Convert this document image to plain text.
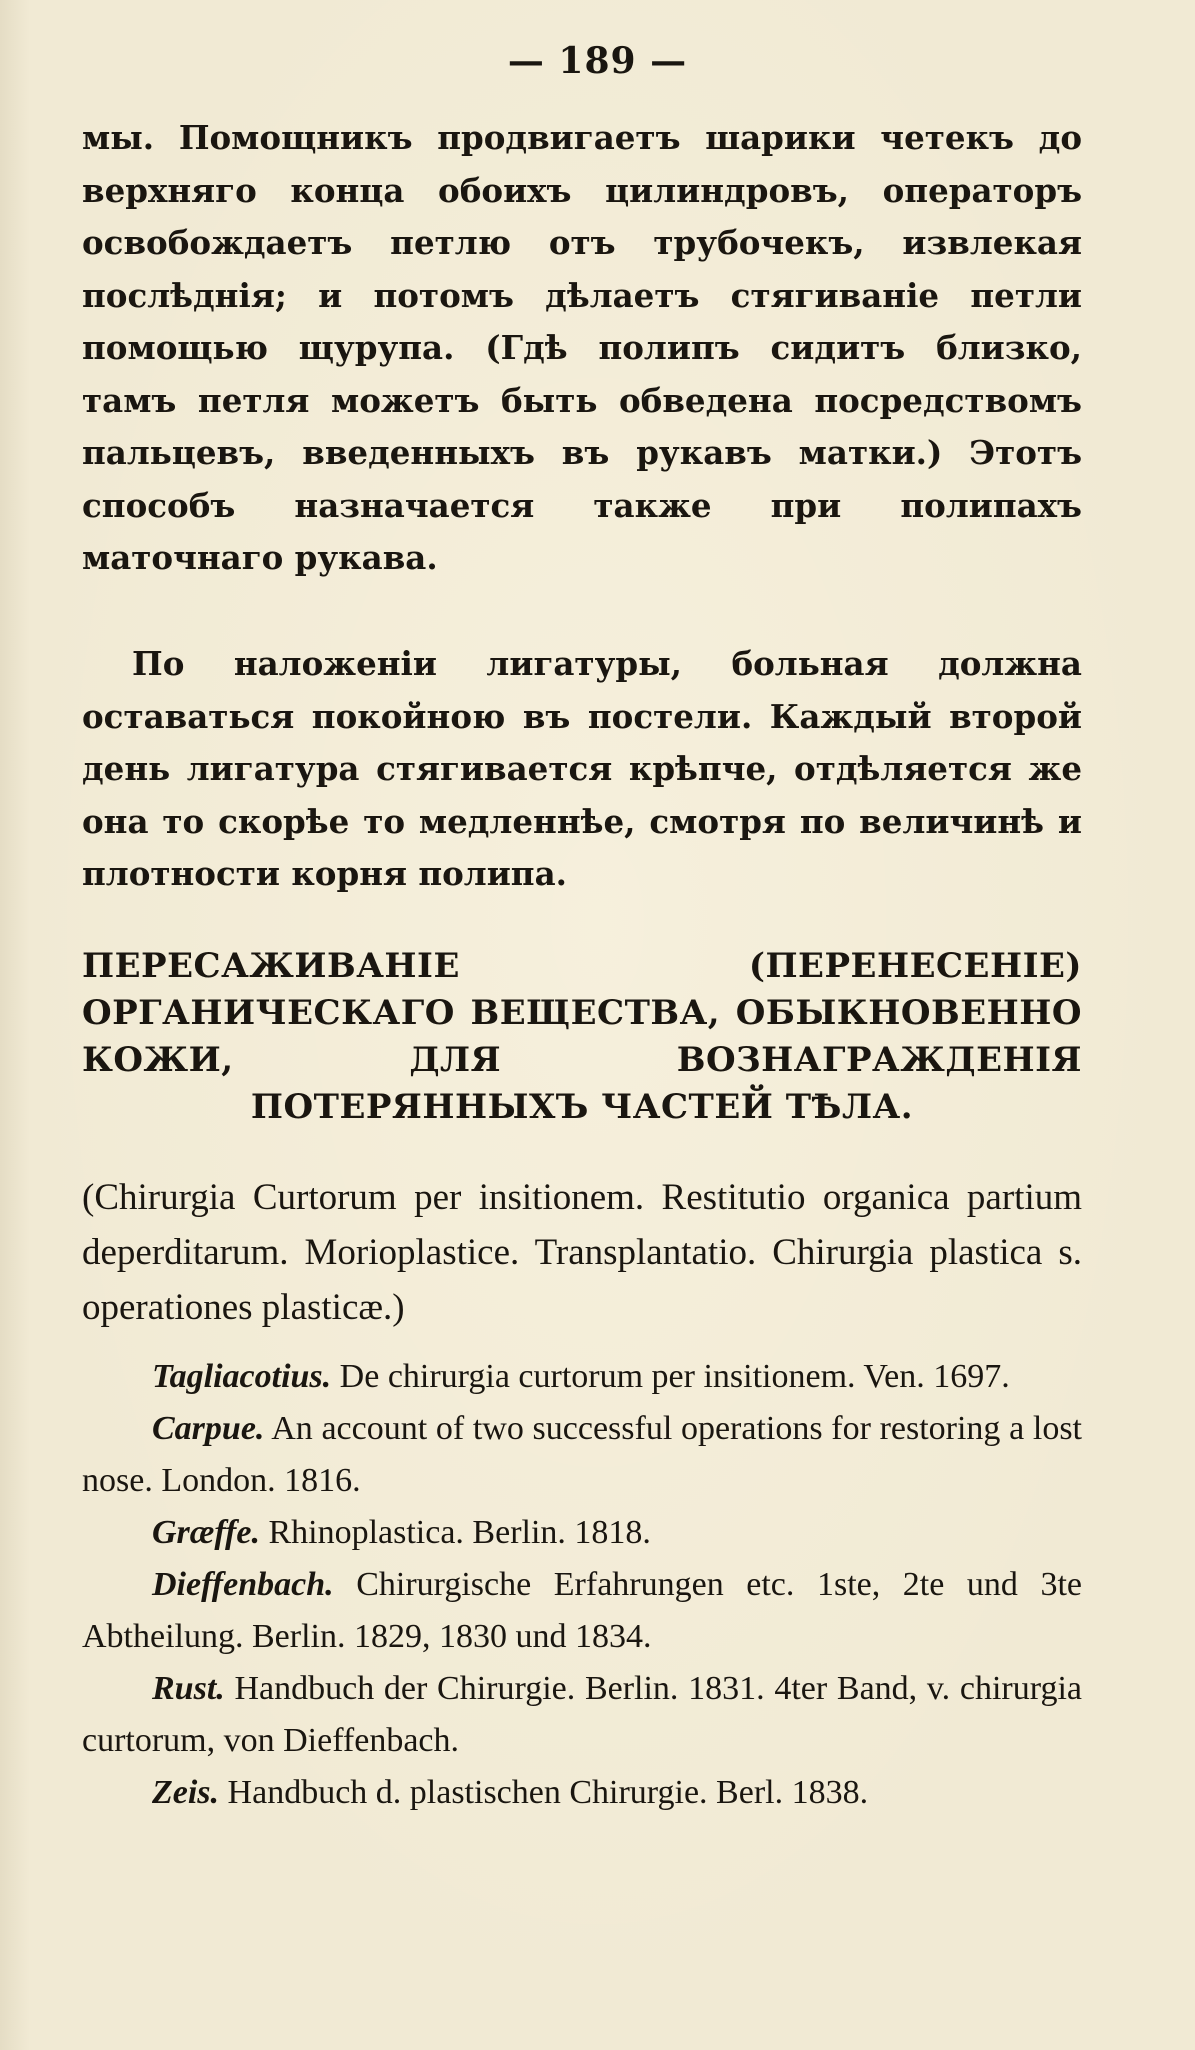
— 189 —

мы. Помощникъ продвигаетъ шарики четекъ до верхняго конца обоихъ цилиндровъ, операторъ освобождаетъ петлю отъ трубочекъ, извлекая послѣднія; и потомъ дѣлаетъ стягиваніе петли помощью щурупа. (Гдѣ полипъ сидитъ близко, тамъ петля можетъ быть обведена посредствомъ пальцевъ, введенныхъ въ рукавъ матки.) Этотъ способъ назначается также при полипахъ маточнаго рукава.

По наложеніи лигатуры, больная должна оставаться покойною въ постели. Каждый второй день лигатура стягивается крѣпче, отдѣляется же она то скорѣе то медленнѣе, смотря по величинѣ и плотности корня полипа.

ПЕРЕСАЖИВАНІЕ (ПЕРЕНЕСЕНІЕ) ОРГАНИЧЕСКАГО ВЕЩЕСТВА, ОБЫКНОВЕННО КОЖИ, ДЛЯ ВОЗНАГРАЖДЕНІЯ ПОТЕРЯННЫХЪ ЧАСТЕЙ ТѢЛА.

(Chirurgia Curtorum per insitionem. Restitutio organica partium deperditarum. Morioplastice. Transplantatio. Chirurgia plastica s. operationes plasticæ.)

Tagliacotius. De chirurgia curtorum per insitionem. Ven. 1697.

Carpue. An account of two successful operations for restoring a lost nose. London. 1816.

Græffe. Rhinoplastica. Berlin. 1818.

Dieffenbach. Chirurgische Erfahrungen etc. 1ste, 2te und 3te Abtheilung. Berlin. 1829, 1830 und 1834.

Rust. Handbuch der Chirurgie. Berlin. 1831. 4ter Band, v. chirurgia curtorum, von Dieffenbach.

Zeis. Handbuch d. plastischen Chirurgie. Berl. 1838.
